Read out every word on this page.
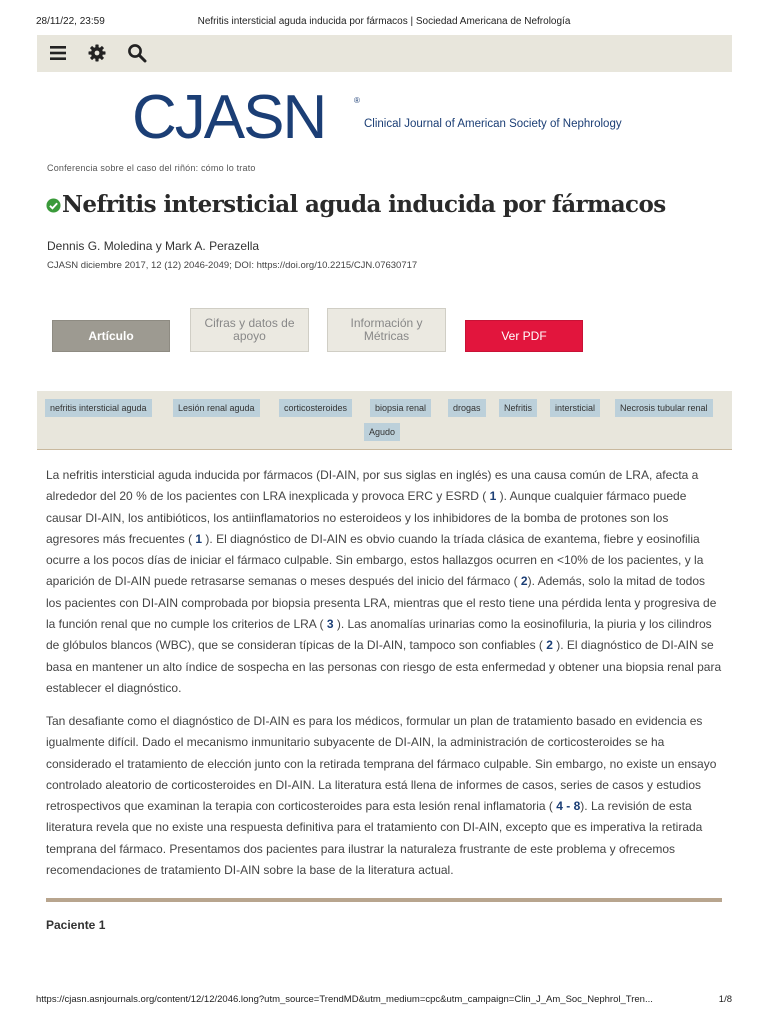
28/11/22, 23:59	Nefritis intersticial aguda inducida por fármacos | Sociedad Americana de Nefrología
CJASN	®
Clinical Journal of American Society of Nephrology
Conferencia sobre el caso del riñón: cómo lo trato
Nefritis intersticial aguda inducida por fármacos
Dennis G. Moledina y Mark A. Perazella
CJASN diciembre 2017, 12 (12) 2046-2049; DOI: https://doi.org/10.2215/CJN.07630717
Artículo
Cifras y datos de apoyo
Información y Métricas	Ver PDF
nefritis intersticial aguda	Lesión renal aguda	corticosteroides	biopsia renal	drogas	Nefritis	intersticial	Necrosis tubular renal
Agudo

La nefritis intersticial aguda inducida por fármacos (DI-AIN, por sus siglas en inglés) es una causa común de LRA, afecta a alrededor del 20 % de los pacientes con LRA inexplicada y provoca ERC y ESRD ( 1 ). Aunque cualquier fármaco puede causar DI-AIN, los antibióticos, los antiinflamatorios no esteroideos y los inhibidores de la bomba de protones son los agresores más frecuentes ( 1 ). El diagnóstico de DI-AIN es obvio cuando la tríada clásica de exantema, fiebre y eosinofilia ocurre a los pocos días de iniciar el fármaco culpable. Sin embargo, estos hallazgos ocurren en <10% de los pacientes, y la aparición de DI-AIN puede retrasarse semanas o meses después del inicio del fármaco ( 2). Además, solo la mitad de todos los pacientes con DI-AIN comprobada por biopsia presenta LRA, mientras que el resto tiene una pérdida lenta y progresiva de la función renal que no cumple los criterios de LRA ( 3 ). Las anomalías urinarias como la eosinofiluria, la piuria y los cilindros de glóbulos blancos (WBC), que se consideran típicas de la DI-AIN, tampoco son confiables ( 2 ). El diagnóstico de DI-AIN se basa en mantener un alto índice de sospecha en las personas con riesgo de esta enfermedad y obtener una biopsia renal para establecer el diagnóstico.

Tan desafiante como el diagnóstico de DI-AIN es para los médicos, formular un plan de tratamiento basado en evidencia es igualmente difícil. Dado el mecanismo inmunitario subyacente de DI-AIN, la administración de corticosteroides se ha considerado el tratamiento de elección junto con la retirada temprana del fármaco culpable. Sin embargo, no existe un ensayo controlado aleatorio de corticosteroides en DI-AIN. La literatura está llena de informes de casos, series de casos y estudios retrospectivos que examinan la terapia con corticosteroides para esta lesión renal inflamatoria ( 4 - 8). La revisión de esta literatura revela que no existe una respuesta definitiva para el tratamiento con DI-AIN, excepto que es imperativa la retirada temprana del fármaco. Presentamos dos pacientes para ilustrar la naturaleza frustrante de este problema y ofrecemos recomendaciones de tratamiento DI-AIN sobre la base de la literatura actual.

Paciente 1
https://cjasn.asnjournals.org/content/12/12/2046.long?utm_source=TrendMD&utm_medium=cpc&utm_campaign=Clin_J_Am_Soc_Nephrol_Tren...	1/8
